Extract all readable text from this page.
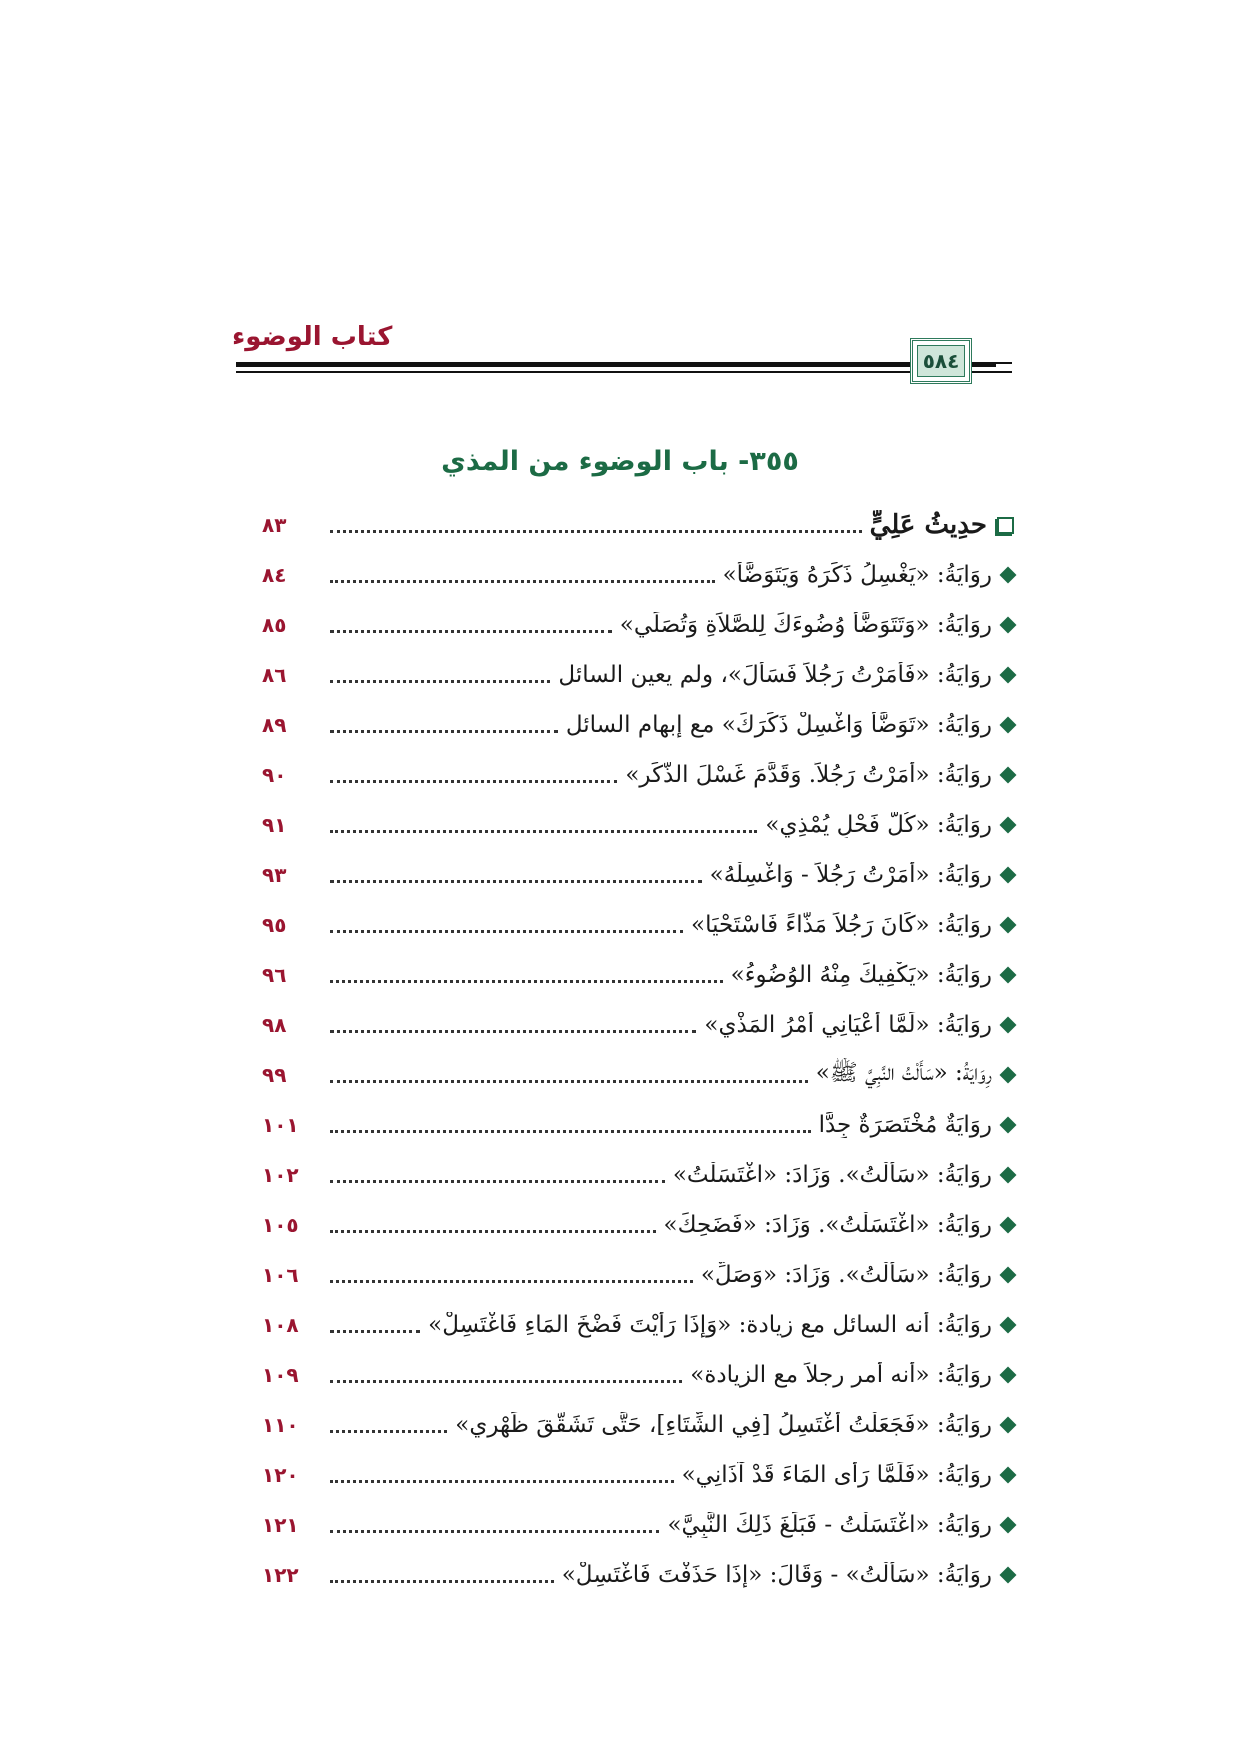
كتاب الوضوء
٥٨٤
٣٥٥- باب الوضوء من المذي
حدِيثُ عَلِيٍّ
٨٣
رِوَايَةُ: «يَغْسِلُ ذَكَرَهُ وَيَتَوَضَّأُ»
٨٤
رِوَايَةُ: «وَتَتَوَضَّأُ وُضُوءَكَ لِلصَّلاَةِ وَتُصَلِّي»
٨٥
رِوَايَةُ: «فَأَمَرْتُ رَجُلاً فَسَأَلَ»، ولم يعين السائل
٨٦
رِوَايَةُ: «تَوَضَّأْ وَاغْسِلْ ذَكَرَكَ» مع إبهام السائل
٨٩
رِوَايَةُ: «أَمَرْتُ رَجُلاً. وَقَدَّمَ غَسْلَ الذَّكَرِ»
٩٠
رِوَايَةُ: «كُلُّ فَحْلٍ يُمْذِي»
٩١
رِوَايَةُ: «أَمَرْتُ رَجُلاً - وَاغْسِلْهُ»
٩٣
رِوَايَةُ: «كَانَ رَجُلاً مَذَّاءً فَاسْتَحْيَا»
٩٥
رِوَايَةُ: «يَكْفِيكَ مِنْهُ الوُضُوءُ»
٩٦
رِوَايَةُ: «لَمَّا أَعْيَانِي أَمْرُ المَذْيِ»
٩٨
رِوَايَةُ: «سَأَلْتُ النَّبِيَّ ﷺ»
٩٩
رِوَايَةٌ مُخْتَصَرَةٌ جِدًّا
١٠١
رِوَايَةُ: «سَأَلْتُ». وَزَادَ: «اغْتَسَلْتُ»
١٠٢
رِوَايَةُ: «اغْتَسَلْتُ». وَزَادَ: «فَضَحِكَ»
١٠٥
رِوَايَةُ: «سَأَلْتُ». وَزَادَ: «وَصَلِّ»
١٠٦
رِوَايَةُ: أنه السائل مع زيادة: «وَإِذَا رَأَيْتَ فَضْخَ المَاءِ فَاغْتَسِلْ»
١٠٨
رِوَايَةُ: «أنه أمر رجلاً مع الزيادة»
١٠٩
رِوَايَةُ: «فَجَعَلْتُ أَغْتَسِلُ [فِي الشِّتَاءِ]، حَتَّى تَشَقَّقَ ظَهْرِي»
١١٠
رِوَايَةُ: «فَلَمَّا رَأَى المَاءَ قَدْ آذَانِي»
١٢٠
رِوَايَةُ: «اغْتَسَلْتُ - فَبَلَغَ ذَلِكَ النَّبِيَّ»
١٢١
رِوَايَةُ: «سَأَلْتُ» - وَقَالَ: «إِذَا حَذَفْتَ فَاغْتَسِلْ»
١٢٢
